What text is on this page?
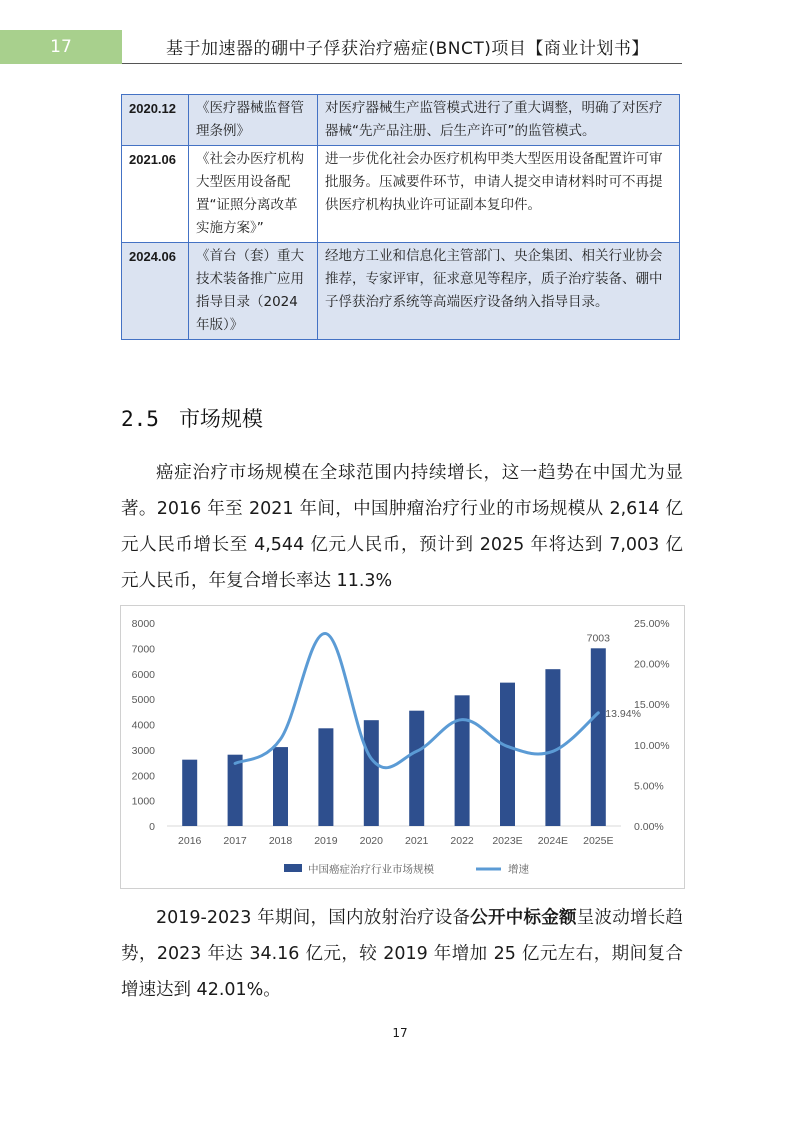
17	基于加速器的硼中子俘获治疗癌症(BNCT)项目【商业计划书】
2020.12	《医疗器械监督管理条例》	对医疗器械生产监管模式进行了重大调整，明确了对医疗器械“先产品注册、后生产许可”的监管模式。
2021.06	《社会办医疗机构大型医用设备配置“证照分离改革实施方案》”	进一步优化社会办医疗机构甲类大型医用设备配置许可审批服务。压减要件环节，申请人提交申请材料时可不再提供医疗机构执业许可证副本复印件。
2024.06	《首台（套）重大技术装备推广应用指导目录（2024年版）》	经地方工业和信息化主管部门、央企集团、相关行业协会推荐，专家评审，征求意见等程序，质子治疗装备、硼中子俘获治疗系统等高端医疗设备纳入指导目录。
2.5 市场规模

癌症治疗市场规模在全球范围内持续增长，这一趋势在中国尤为显著。2016 年至 2021 年间，中国肿瘤治疗行业的市场规模从 2,614 亿元人民币增长至 4,544 亿元人民币，预计到 2025 年将达到 7,003 亿元人民币，年复合增长率达 11.3%

0
1000
2000
3000
4000
5000
6000
7000
8000
0.00%
5.00%
10.00%
15.00%
20.00%
25.00%
2016 2017 2018 2019 2020 2021 2022 2023E 2024E 2025E
7003
13.94%
中国癌症治疗行业市场规模	增速

2019-2023 年期间，国内放射治疗设备公开中标金额呈波动增长趋势，2023 年达 34.16 亿元，较 2019 年增加 25 亿元左右，期间复合增速达到 42.01%。

17
